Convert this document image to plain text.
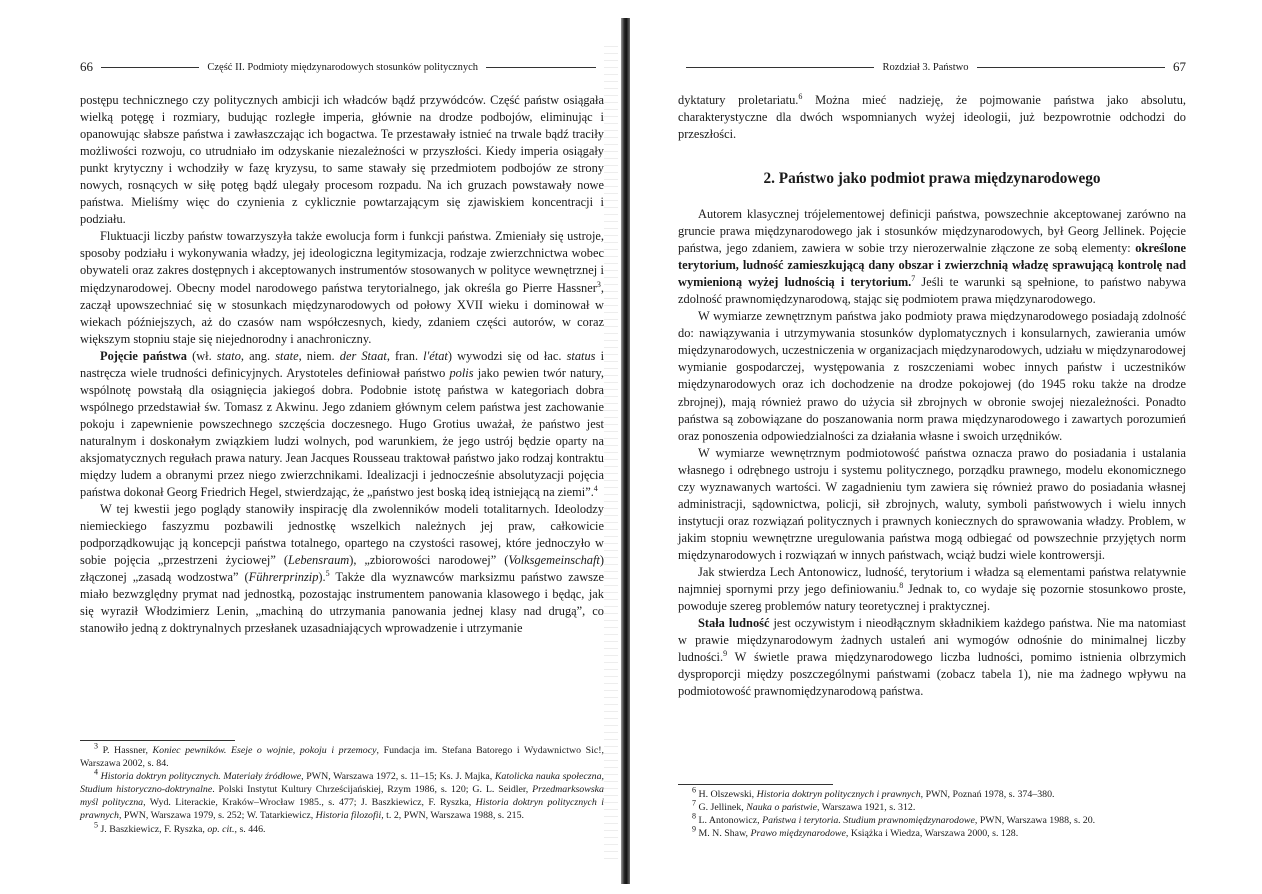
66	Część II. Podmioty międzynarodowych stosunków politycznych

postępu technicznego czy politycznych ambicji ich władców bądź przywódców. Część państw osiągała wielką potęgę i rozmiary, budując rozległe imperia, głównie na drodze podbojów, eliminując i opanowując słabsze państwa i zawłaszczając ich bogactwa. Te przestawały istnieć na trwale bądź traciły możliwości rozwoju, co utrudniało im odzyskanie niezależności w przyszłości. Kiedy imperia osiągały punkt krytyczny i wchodziły w fazę kryzysu, to same stawały się przedmiotem podbojów ze strony nowych, rosnących w siłę potęg bądź ulegały procesom rozpadu. Na ich gruzach powstawały nowe państwa. Mieliśmy więc do czynienia z cyklicznie powtarzającym się zjawiskiem koncentracji i podziału.

Fluktuacji liczby państw towarzyszyła także ewolucja form i funkcji państwa. Zmieniały się ustroje, sposoby podziału i wykonywania władzy, jej ideologiczna legitymizacja, rodzaje zwierzchnictwa wobec obywateli oraz zakres dostępnych i akceptowanych instrumentów stosowanych w polityce wewnętrznej i międzynarodowej. Obecny model narodowego państwa terytorialnego, jak określa go Pierre Hassner$^3$, zaczął upowszechniać się w stosunkach międzynarodowych od połowy XVII wieku i dominował w wiekach późniejszych, aż do czasów nam współczesnych, kiedy, zdaniem części autorów, w coraz większym stopniu staje się niejednorodny i anachroniczny.

Pojęcie państwa (wł. stato, ang. state, niem. der Staat, fran. l'état) wywodzi się od łac. status i nastręcza wiele trudności definicyjnych. Arystoteles definiował państwo polis jako pewien twór natury, wspólnotę powstałą dla osiągnięcia jakiegoś dobra. Podobnie istotę państwa w kategoriach dobra wspólnego przedstawiał św. Tomasz z Akwinu. Jego zdaniem głównym celem państwa jest zachowanie pokoju i zapewnienie powszechnego szczęścia doczesnego. Hugo Grotius uważał, że państwo jest naturalnym i doskonałym związkiem ludzi wolnych, pod warunkiem, że jego ustrój będzie oparty na aksjomatycznych regułach prawa natury. Jean Jacques Rousseau traktował państwo jako rodzaj kontraktu między ludem a obranymi przez niego zwierzchnikami. Idealizacji i jednocześnie absolutyzacji pojęcia państwa dokonał Georg Friedrich Hegel, stwierdzając, że „państwo jest boską ideą istniejącą na ziemi”.$^4$

W tej kwestii jego poglądy stanowiły inspirację dla zwolenników modeli totalitarnych. Ideolodzy niemieckiego faszyzmu pozbawili jednostkę wszelkich należnych jej praw, całkowicie podporządkowując ją koncepcji państwa totalnego, opartego na czystości rasowej, które jednoczyło w sobie pojęcia „przestrzeni życiowej” (Lebensraum), „zbiorowości narodowej” (Volksgemeinschaft) złączonej „zasadą wodzostwa” (Führerprinzip).$^5$ Także dla wyznawców marksizmu państwo zawsze miało bezwzględny prymat nad jednostką, pozostając instrumentem panowania klasowego i będąc, jak się wyraził Włodzimierz Lenin, „machiną do utrzymania panowania jednej klasy nad drugą”, co stanowiło jedną z doktrynalnych przesłanek uzasadniających wprowadzenie i utrzymanie

$^3$ P. Hassner, Koniec pewników. Eseje o wojnie, pokoju i przemocy, Fundacja im. Stefana Batorego i Wydawnictwo Sic!, Warszawa 2002, s. 84.

$^4$ Historia doktryn politycznych. Materiały źródłowe, PWN, Warszawa 1972, s. 11–15; Ks. J. Majka, Katolicka nauka społeczna, Studium historyczno-doktrynalne. Polski Instytut Kultury Chrześcijańskiej, Rzym 1986, s. 120; G. L. Seidler, Przedmarksowska myśl polityczna, Wyd. Literackie, Kraków–Wrocław 1985., s. 477; J. Baszkiewicz, F. Ryszka, Historia doktryn politycznych i prawnych, PWN, Warszawa 1979, s. 252; W. Tatarkiewicz, Historia filozofii, t. 2, PWN, Warszawa 1988, s. 215.

$^5$ J. Baszkiewicz, F. Ryszka, op. cit., s. 446.

Rozdział 3. Państwo	67

dyktatury proletariatu.$^6$ Można mieć nadzieję, że pojmowanie państwa jako absolutu, charakterystyczne dla dwóch wspomnianych wyżej ideologii, już bezpowrotnie odchodzi do przeszłości.

2. Państwo jako podmiot prawa międzynarodowego

Autorem klasycznej trójelementowej definicji państwa, powszechnie akceptowanej zarówno na gruncie prawa międzynarodowego jak i stosunków międzynarodowych, był Georg Jellinek. Pojęcie państwa, jego zdaniem, zawiera w sobie trzy nierozerwalnie złączone ze sobą elementy: określone terytorium, ludność zamieszkującą dany obszar i zwierzchnią władzę sprawującą kontrolę nad wymienioną wyżej ludnością i terytorium.$^7$ Jeśli te warunki są spełnione, to państwo nabywa zdolność prawnomiędzynarodową, stając się podmiotem prawa międzynarodowego.

W wymiarze zewnętrznym państwa jako podmioty prawa międzynarodowego posiadają zdolność do: nawiązywania i utrzymywania stosunków dyplomatycznych i konsularnych, zawierania umów międzynarodowych, uczestniczenia w organizacjach międzynarodowych, udziału w międzynarodowej wymianie gospodarczej, występowania z roszczeniami wobec innych państw i uczestników międzynarodowych oraz ich dochodzenie na drodze pokojowej (do 1945 roku także na drodze zbrojnej), mają również prawo do użycia sił zbrojnych w obronie swojej niezależności. Ponadto państwa są zobowiązane do poszanowania norm prawa międzynarodowego i zawartych porozumień oraz ponoszenia odpowiedzialności za działania własne i swoich urzędników.

W wymiarze wewnętrznym podmiotowość państwa oznacza prawo do posiadania i ustalania własnego i odrębnego ustroju i systemu politycznego, porządku prawnego, modelu ekonomicznego czy wyznawanych wartości. W zagadnieniu tym zawiera się również prawo do posiadania własnej administracji, sądownictwa, policji, sił zbrojnych, waluty, symboli państwowych i wielu innych instytucji oraz rozwiązań politycznych i prawnych koniecznych do sprawowania władzy. Problem, w jakim stopniu wewnętrzne uregulowania państwa mogą odbiegać od powszechnie przyjętych norm międzynarodowych i rozwiązań w innych państwach, wciąż budzi wiele kontrowersji.

Jak stwierdza Lech Antonowicz, ludność, terytorium i władza są elementami państwa relatywnie najmniej spornymi przy jego definiowaniu.$^8$ Jednak to, co wydaje się pozornie stosunkowo proste, powoduje szereg problemów natury teoretycznej i praktycznej.

Stała ludność jest oczywistym i nieodłącznym składnikiem każdego państwa. Nie ma natomiast w prawie międzynarodowym żadnych ustaleń ani wymogów odnośnie do minimalnej liczby ludności.$^9$ W świetle prawa międzynarodowego liczba ludności, pomimo istnienia olbrzymich dysproporcji między poszczególnymi państwami (zobacz tabela 1), nie ma żadnego wpływu na podmiotowość prawnomiędzynarodową państwa.

$^6$ H. Olszewski, Historia doktryn politycznych i prawnych, PWN, Poznań 1978, s. 374–380.

$^7$ G. Jellinek, Nauka o państwie, Warszawa 1921, s. 312.

$^8$ L. Antonowicz, Państwa i terytoria. Studium prawnomiędzynarodowe, PWN, Warszawa 1988, s. 20.

$^9$ M. N. Shaw, Prawo międzynarodowe, Książka i Wiedza, Warszawa 2000, s. 128.
